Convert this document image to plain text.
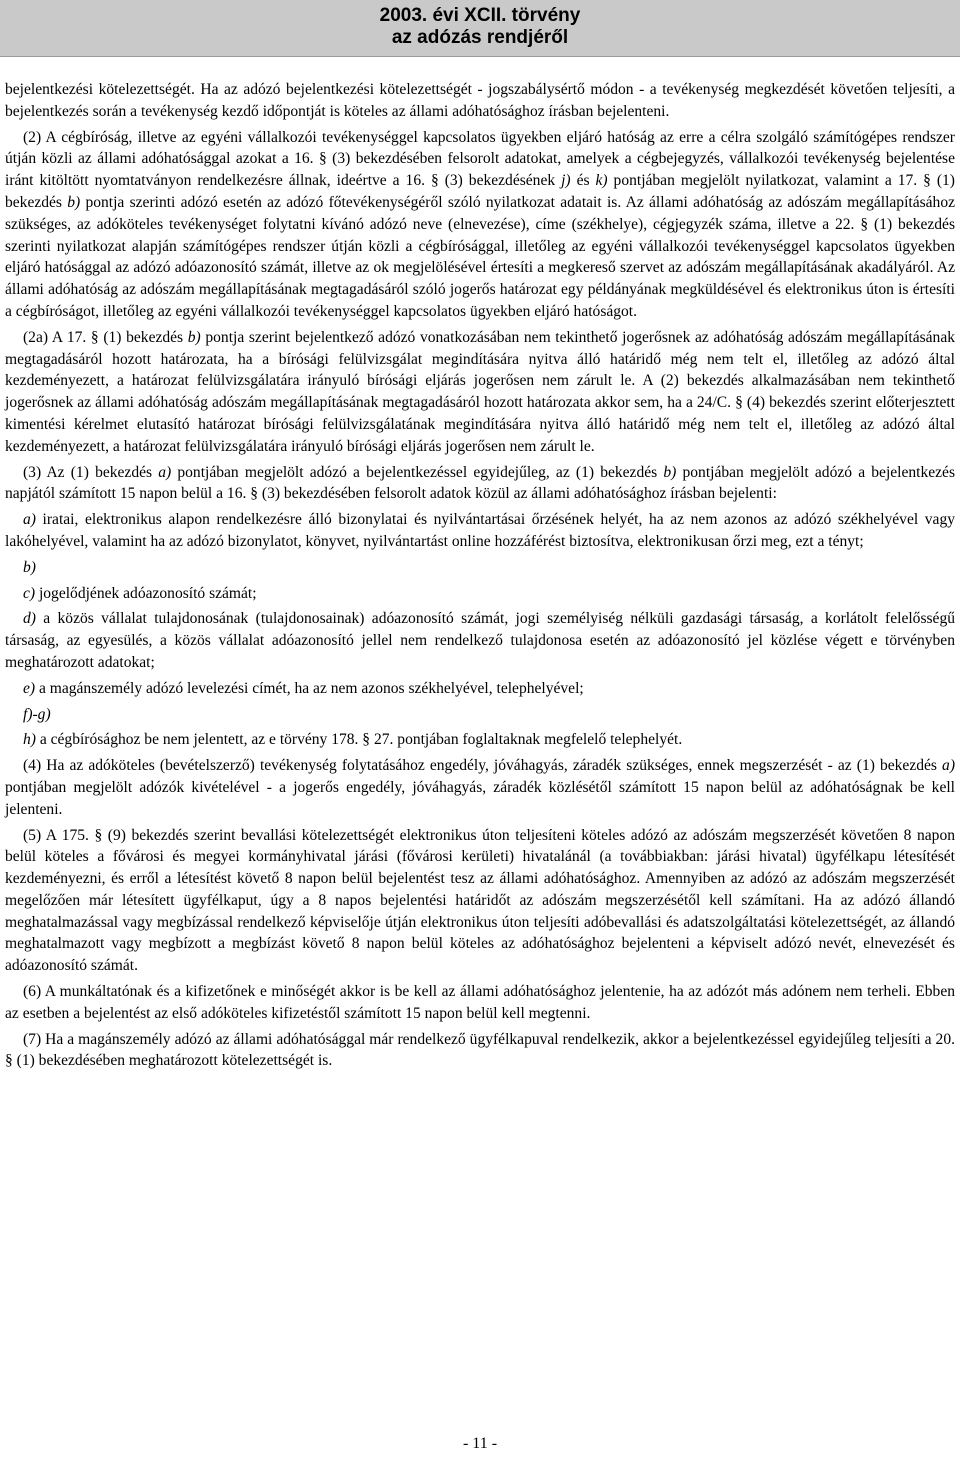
2003. évi XCII. törvény
az adózás rendjéről

bejelentkezési kötelezettségét. Ha az adózó bejelentkezési kötelezettségét - jogszabálysértő módon - a tevékenység megkezdését követően teljesíti, a bejelentkezés során a tevékenység kezdő időpontját is köteles az állami adóhatósághoz írásban bejelenteni.

(2) A cégbíróság, illetve az egyéni vállalkozói tevékenységgel kapcsolatos ügyekben eljáró hatóság az erre a célra szolgáló számítógépes rendszer útján közli az állami adóhatósággal azokat a 16. § (3) bekezdésében felsorolt adatokat, amelyek a cégbejegyzés, vállalkozói tevékenység bejelentése iránt kitöltött nyomtatványon rendelkezésre állnak, ideértve a 16. § (3) bekezdésének j) és k) pontjában megjelölt nyilatkozat, valamint a 17. § (1) bekezdés b) pontja szerinti adózó esetén az adózó főtevékenységéről szóló nyilatkozat adatait is. Az állami adóhatóság az adószám megállapításához szükséges, az adóköteles tevékenységet folytatni kívánó adózó neve (elnevezése), címe (székhelye), cégjegyzék száma, illetve a 22. § (1) bekezdés szerinti nyilatkozat alapján számítógépes rendszer útján közli a cégbírósággal, illetőleg az egyéni vállalkozói tevékenységgel kapcsolatos ügyekben eljáró hatósággal az adózó adóazonosító számát, illetve az ok megjelölésével értesíti a megkereső szervet az adószám megállapításának akadályáról. Az állami adóhatóság az adószám megállapításának megtagadásáról szóló jogerős határozat egy példányának megküldésével és elektronikus úton is értesíti a cégbíróságot, illetőleg az egyéni vállalkozói tevékenységgel kapcsolatos ügyekben eljáró hatóságot.

(2a) A 17. § (1) bekezdés b) pontja szerint bejelentkező adózó vonatkozásában nem tekinthető jogerősnek az adóhatóság adószám megállapításának megtagadásáról hozott határozata, ha a bírósági felülvizsgálat megindítására nyitva álló határidő még nem telt el, illetőleg az adózó által kezdeményezett, a határozat felülvizsgálatára irányuló bírósági eljárás jogerősen nem zárult le. A (2) bekezdés alkalmazásában nem tekinthető jogerősnek az állami adóhatóság adószám megállapításának megtagadásáról hozott határozata akkor sem, ha a 24/C. § (4) bekezdés szerint előterjesztett kimentési kérelmet elutasító határozat bírósági felülvizsgálatának megindítására nyitva álló határidő még nem telt el, illetőleg az adózó által kezdeményezett, a határozat felülvizsgálatára irányuló bírósági eljárás jogerősen nem zárult le.

(3) Az (1) bekezdés a) pontjában megjelölt adózó a bejelentkezéssel egyidejűleg, az (1) bekezdés b) pontjában megjelölt adózó a bejelentkezés napjától számított 15 napon belül a 16. § (3) bekezdésében felsorolt adatok közül az állami adóhatósághoz írásban bejelenti:

a) iratai, elektronikus alapon rendelkezésre álló bizonylatai és nyilvántartásai őrzésének helyét, ha az nem azonos az adózó székhelyével vagy lakóhelyével, valamint ha az adózó bizonylatot, könyvet, nyilvántartást online hozzáférést biztosítva, elektronikusan őrzi meg, ezt a tényt;

b)

c) jogelődjének adóazonosító számát;

d) a közös vállalat tulajdonosának (tulajdonosainak) adóazonosító számát, jogi személyiség nélküli gazdasági társaság, a korlátolt felelősségű társaság, az egyesülés, a közös vállalat adóazonosító jellel nem rendelkező tulajdonosa esetén az adóazonosító jel közlése végett e törvényben meghatározott adatokat;

e) a magánszemély adózó levelezési címét, ha az nem azonos székhelyével, telephelyével;

f)-g)

h) a cégbírósághoz be nem jelentett, az e törvény 178. § 27. pontjában foglaltaknak megfelelő telephelyét.

(4) Ha az adóköteles (bevételszerző) tevékenység folytatásához engedély, jóváhagyás, záradék szükséges, ennek megszerzését - az (1) bekezdés a) pontjában megjelölt adózók kivételével - a jogerős engedély, jóváhagyás, záradék közlésétől számított 15 napon belül az adóhatóságnak be kell jelenteni.

(5) A 175. § (9) bekezdés szerint bevallási kötelezettségét elektronikus úton teljesíteni köteles adózó az adószám megszerzését követően 8 napon belül köteles a fővárosi és megyei kormányhivatal járási (fővárosi kerületi) hivatalánál (a továbbiakban: járási hivatal) ügyfélkapu létesítését kezdeményezni, és erről a létesítést követő 8 napon belül bejelentést tesz az állami adóhatósághoz. Amennyiben az adózó az adószám megszerzését megelőzően már létesített ügyfélkaput, úgy a 8 napos bejelentési határidőt az adószám megszerzésétől kell számítani. Ha az adózó állandó meghatalmazással vagy megbízással rendelkező képviselője útján elektronikus úton teljesíti adóbevallási és adatszolgáltatási kötelezettségét, az állandó meghatalmazott vagy megbízott a megbízást követő 8 napon belül köteles az adóhatósághoz bejelenteni a képviselt adózó nevét, elnevezését és adóazonosító számát.

(6) A munkáltatónak és a kifizetőnek e minőségét akkor is be kell az állami adóhatósághoz jelentenie, ha az adózót más adónem nem terheli. Ebben az esetben a bejelentést az első adóköteles kifizetéstől számított 15 napon belül kell megtenni.

(7) Ha a magánszemély adózó az állami adóhatósággal már rendelkező ügyfélkapuval rendelkezik, akkor a bejelentkezéssel egyidejűleg teljesíti a 20. § (1) bekezdésében meghatározott kötelezettségét is.

- 11 -
